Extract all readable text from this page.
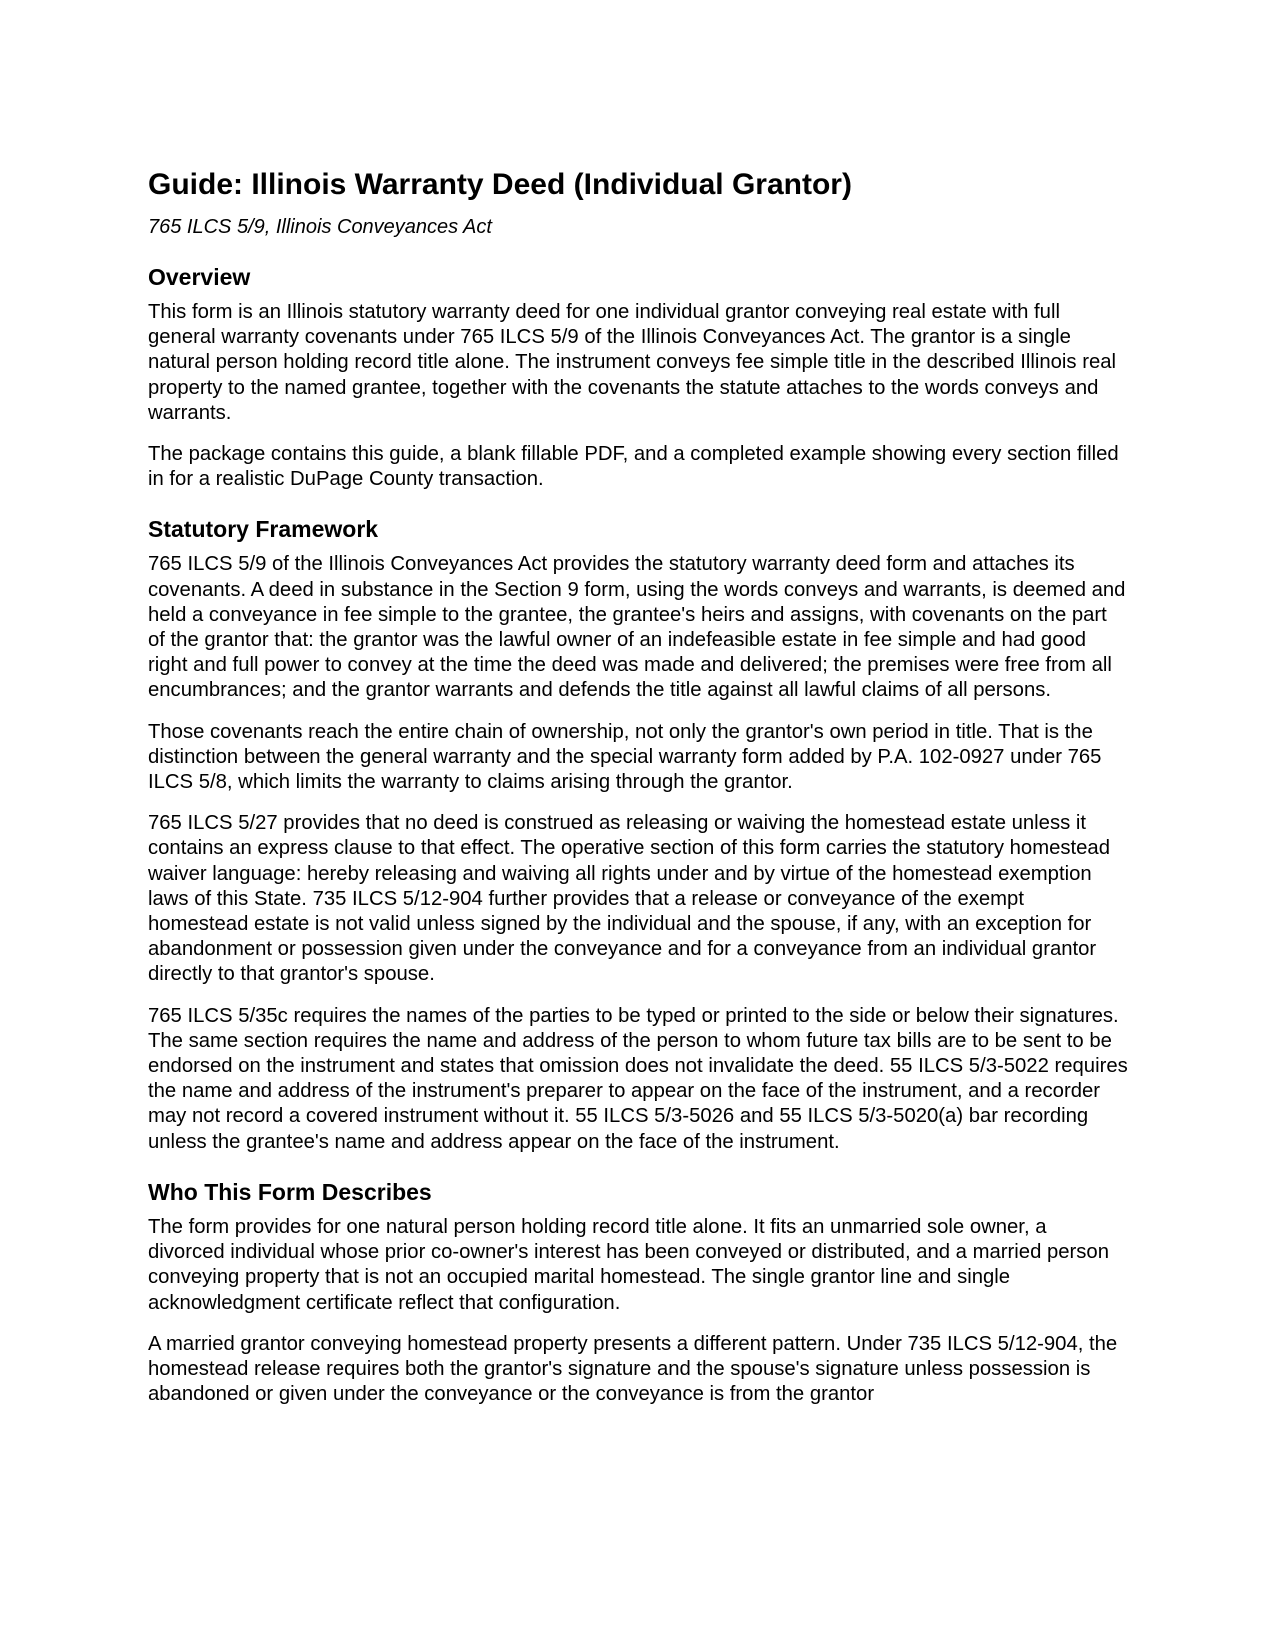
Guide: Illinois Warranty Deed (Individual Grantor)
765 ILCS 5/9, Illinois Conveyances Act
Overview

This form is an Illinois statutory warranty deed for one individual grantor conveying real estate with full general warranty covenants under 765 ILCS 5/9 of the Illinois Conveyances Act. The grantor is a single natural person holding record title alone. The instrument conveys fee simple title in the described Illinois real property to the named grantee, together with the covenants the statute attaches to the words conveys and warrants.

The package contains this guide, a blank fillable PDF, and a completed example showing every section filled in for a realistic DuPage County transaction.

Statutory Framework

765 ILCS 5/9 of the Illinois Conveyances Act provides the statutory warranty deed form and attaches its covenants. A deed in substance in the Section 9 form, using the words conveys and warrants, is deemed and held a conveyance in fee simple to the grantee, the grantee's heirs and assigns, with covenants on the part of the grantor that: the grantor was the lawful owner of an indefeasible estate in fee simple and had good right and full power to convey at the time the deed was made and delivered; the premises were free from all encumbrances; and the grantor warrants and defends the title against all lawful claims of all persons.

Those covenants reach the entire chain of ownership, not only the grantor's own period in title. That is the distinction between the general warranty and the special warranty form added by P.A. 102-0927 under 765 ILCS 5/8, which limits the warranty to claims arising through the grantor.

765 ILCS 5/27 provides that no deed is construed as releasing or waiving the homestead estate unless it contains an express clause to that effect. The operative section of this form carries the statutory homestead waiver language: hereby releasing and waiving all rights under and by virtue of the homestead exemption laws of this State. 735 ILCS 5/12-904 further provides that a release or conveyance of the exempt homestead estate is not valid unless signed by the individual and the spouse, if any, with an exception for abandonment or possession given under the conveyance and for a conveyance from an individual grantor directly to that grantor's spouse.

765 ILCS 5/35c requires the names of the parties to be typed or printed to the side or below their signatures. The same section requires the name and address of the person to whom future tax bills are to be sent to be endorsed on the instrument and states that omission does not invalidate the deed. 55 ILCS 5/3-5022 requires the name and address of the instrument's preparer to appear on the face of the instrument, and a recorder may not record a covered instrument without it. 55 ILCS 5/3-5026 and 55 ILCS 5/3-5020(a) bar recording unless the grantee's name and address appear on the face of the instrument.

Who This Form Describes

The form provides for one natural person holding record title alone. It fits an unmarried sole owner, a divorced individual whose prior co-owner's interest has been conveyed or distributed, and a married person conveying property that is not an occupied marital homestead. The single grantor line and single acknowledgment certificate reflect that configuration.

A married grantor conveying homestead property presents a different pattern. Under 735 ILCS 5/12-904, the homestead release requires both the grantor's signature and the spouse's signature unless possession is abandoned or given under the conveyance or the conveyance is from the grantor
